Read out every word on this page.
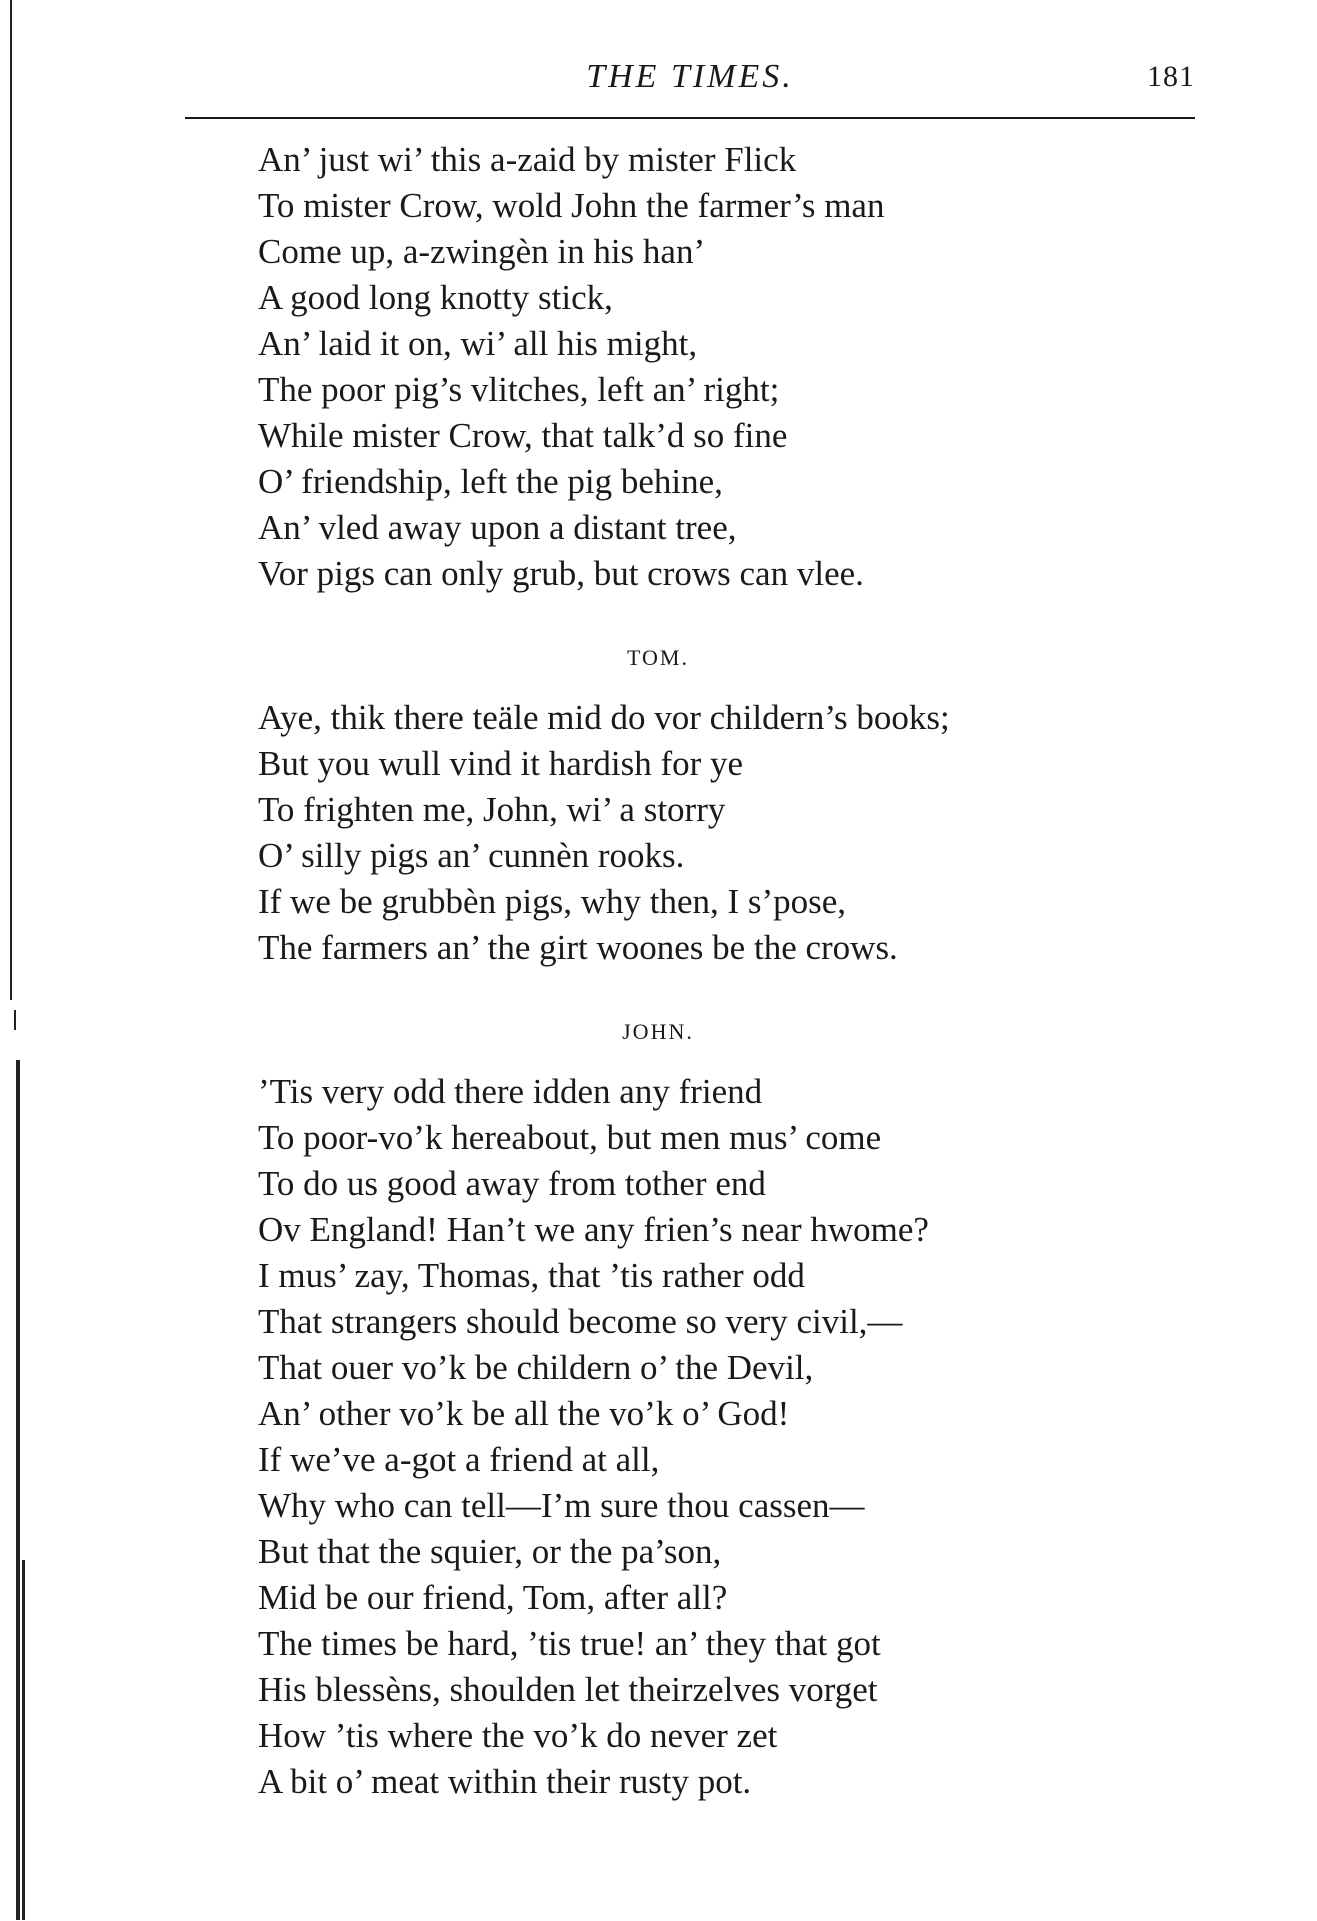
THE TIMES.	181
An’ just wi’ this a-zaid by mister Flick
To mister Crow, wold John the farmer’s man
Come up, a-zwingèn in his han’
A good long knotty stick,
An’ laid it on, wi’ all his might,
The poor pig’s vlitches, left an’ right;
While mister Crow, that talk’d so fine
O’ friendship, left the pig behine,
An’ vled away upon a distant tree,
Vor pigs can only grub, but crows can vlee.
TOM.
Aye, thik there teäle mid do vor childern’s books;
But you wull vind it hardish for ye
To frighten me, John, wi’ a storry
O’ silly pigs an’ cunnèn rooks.
If we be grubbèn pigs, why then, I s’pose,
The farmers an’ the girt woones be the crows.
JOHN.
’Tis very odd there idden any friend
To poor-vo’k hereabout, but men mus’ come
To do us good away from tother end
Ov England! Han’t we any frien’s near hwome?
I mus’ zay, Thomas, that ’tis rather odd
That strangers should become so very civil,—
That ouer vo’k be childern o’ the Devil,
An’ other vo’k be all the vo’k o’ God!
If we’ve a-got a friend at all,
Why who can tell—I’m sure thou cassen—
But that the squier, or the pa’son,
Mid be our friend, Tom, after all?
The times be hard, ’tis true! an’ they that got
His blessèns, shoulden let theirzelves vorget
How ’tis where the vo’k do never zet
A bit o’ meat within their rusty pot.
